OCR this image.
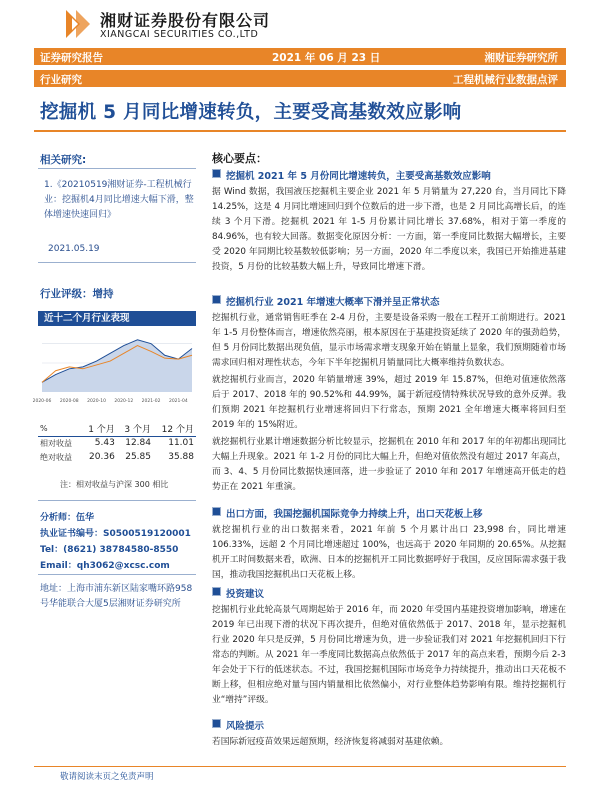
湘财证券股份有限公司
XIANGCAI SECURITIES CO.,LTD
证券研究报告	2021 年 06 月 23 日	湘财证券研究所
行业研究	工程机械行业数据点评
挖掘机 5 月同比增速转负，主要受高基数效应影响
相关研究:
1.《20210519湘财证券-工程机械行业：挖掘机4月同比增速大幅下滑，整体增速快速回归》
2021.05.19
行业评级：增持
近十二个月行业表现
2020-06 2020-08 2020-10 2020-12 2021-02 2021-04
%	1 个月	3 个月	12 个月
相对收益	5.43	12.84	11.01
绝对收益	20.36	25.85	35.88
注：相对收益与沪深 300 相比
分析师：伍华
执业证书编号：S0500519120001
Tel：(8621) 38784580-8550
Email：qh3062@xcsc.com
地址：上海市浦东新区陆家嘴环路958号华能联合大厦5层湘财证券研究所
核心要点：
挖掘机 2021 年 5 月份同比增速转负，主要受高基数效应影响
据 Wind 数据，我国液压挖掘机主要企业 2021 年 5 月销量为 27,220 台，当月同比下降 14.25%，这是 4 月同比增速回归到个位数后的进一步下滑，也是 2 月同比高增长后，的连续 3 个月下滑。挖掘机 2021 年 1-5 月份累计同比增长 37.68%，相对于第一季度的 84.96%，也有较大回落。数据变化原因分析：一方面，第一季度同比数据大幅增长，主要受 2020 年同期比较基数较低影响；另一方面，2020 年二季度以来，我国已开始推进基建投资，5 月份的比较基数大幅上升，导致同比增速下滑。
挖掘机行业 2021 年增速大概率下滑并呈正常状态
挖掘机行业，通常销售旺季在 2-4 月份，主要是设备采购一般在工程开工前期进行。2021 年 1-5 月份整体而言，增速依然亮丽，根本原因在于基建投资延续了 2020 年的强劲趋势，但 5 月份同比数据出现负值，显示市场需求增支现象开始在销量上显象，我们预期随着市场需求回归相对理性状态，今年下半年挖掘机月销量同比大概率维持负数状态。
就挖掘机行业而言，2020 年销量增速 39%，超过 2019 年 15.87%，但绝对值速依然落后于 2017、2018 年的 90.52%和 44.99%，属于新冠疫情特殊状况导致的意外反弹。我们预期 2021 年挖掘机行业增速将回归下行常态，预期 2021 全年增速大概率将回归至 2019 年的 15%附近。
就挖掘机行业累计增速数据分析比较显示，挖掘机在 2010 年和 2017 年的年初都出现同比大幅上升现象。2021 年 1-2 月份的同比大幅上升，但绝对值依然没有超过 2017 年高点，而 3、4、5 月份同比数据快速回落，进一步验证了 2010 年和 2017 年增速高开低走的趋势正在 2021 年重演。
出口方面，我国挖掘机国际竞争力持续上升，出口天花板上移
就挖掘机行业的出口数据来看，2021 年前 5 个月累计出口 23,998 台，同比增速 106.33%，远超 2 个月同比增速超过 100%，也远高于 2020 年同期的 20.65%。从挖掘机开工时间数据来看，欧洲、日本的挖掘机开工同比数据呼好于我国，反应国际需求强于我国，推动我国挖掘机出口天花板上移。
投资建议
挖掘机行业此轮高景气周期起始于 2016 年，而 2020 年受国内基建投资增加影响，增速在 2019 年已出现下滑的状况下再次提升，但绝对值依然低于 2017、2018 年，显示挖掘机行业 2020 年只是反弹，5 月份同比增速为负，进一步验证我们对 2021 年挖掘机回归下行常态的判断。从 2021 年一季度同比数据高点依然低于 2017 年的高点来看，预期今后 2-3 年会处于下行的低迷状态。不过，我国挖掘机国际市场竞争力持续提升，推动出口天花板不断上移，但相应绝对量与国内销量相比依然偏小，对行业整体趋势影响有限。维持挖掘机行业“增持”评级。
风险提示
若国际新冠疫苗效果远超预期，经济恢复将减弱对基建依赖。
敬请阅读末页之免责声明
